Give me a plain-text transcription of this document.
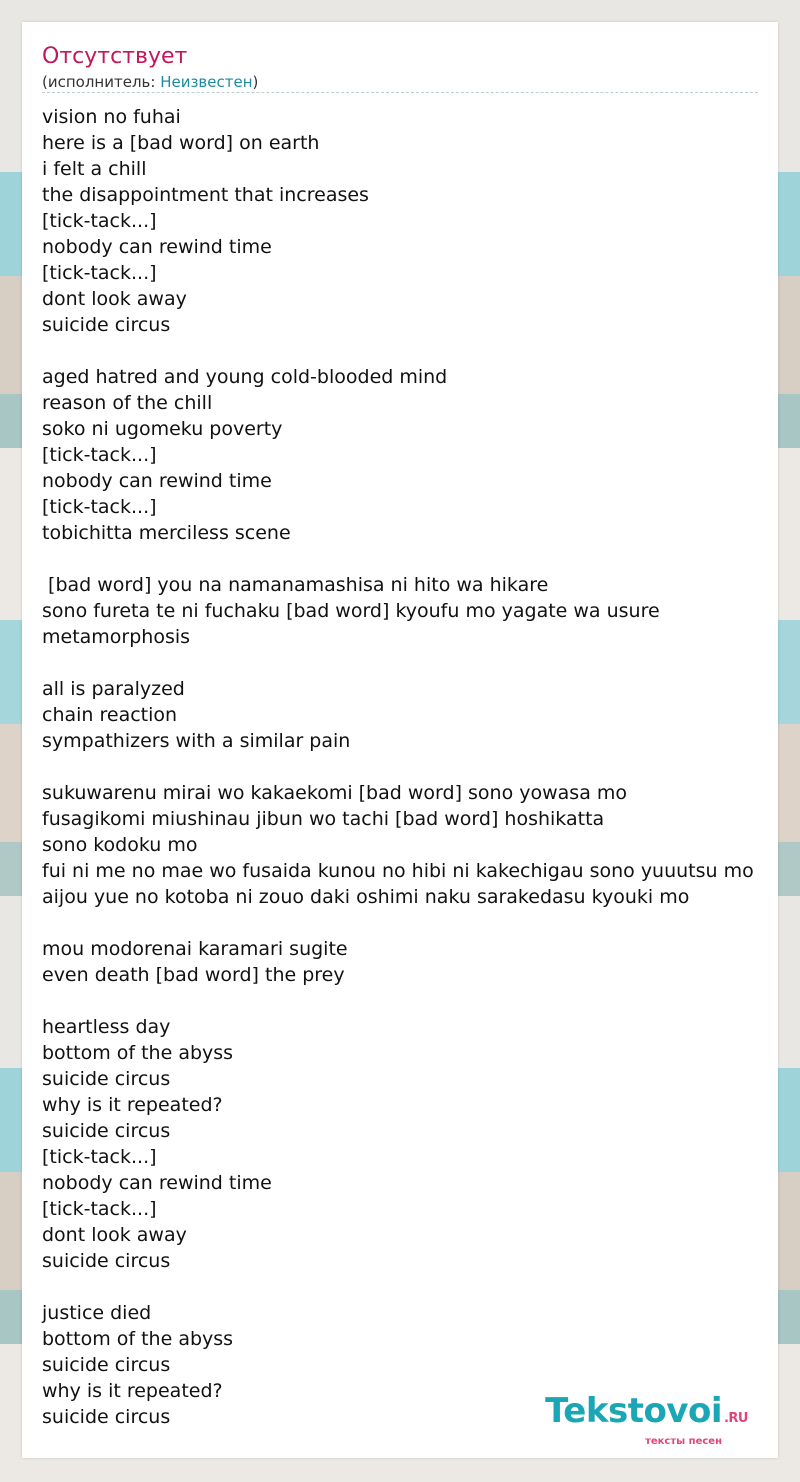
Отсутствует
(исполнитель: Неизвестен)
vision no fuhai
here is a [bad word] on earth
i felt a chill
the disappointment that increases
[tick-tack...]
nobody can rewind time
[tick-tack...]
dont look away
suicide circus
aged hatred and young cold-blooded mind
reason of the chill
soko ni ugomeku poverty
[tick-tack...]
nobody can rewind time
[tick-tack...]
tobichitta merciless scene
[bad word] you na namanamashisa ni hito wa hikare
sono fureta te ni fuchaku [bad word] kyoufu mo yagate wa usure
metamorphosis
all is paralyzed
chain reaction
sympathizers with a similar pain
sukuwarenu mirai wo kakaekomi [bad word] sono yowasa mo
fusagikomi miushinau jibun wo tachi [bad word] hoshikatta
sono kodoku mo
fui ni me no mae wo fusaida kunou no hibi ni kakechigau sono yuuutsu mo
aijou yue no kotoba ni zouo daki oshimi naku sarakedasu kyouki mo
mou modorenai karamari sugite
even death [bad word] the prey
heartless day
bottom of the abyss
suicide circus
why is it repeated?
suicide circus
[tick-tack...]
nobody can rewind time
[tick-tack...]
dont look away
suicide circus
justice died
bottom of the abyss
suicide circus
why is it repeated?
suicide circus	Tekstovoi .RU
тексты песен
